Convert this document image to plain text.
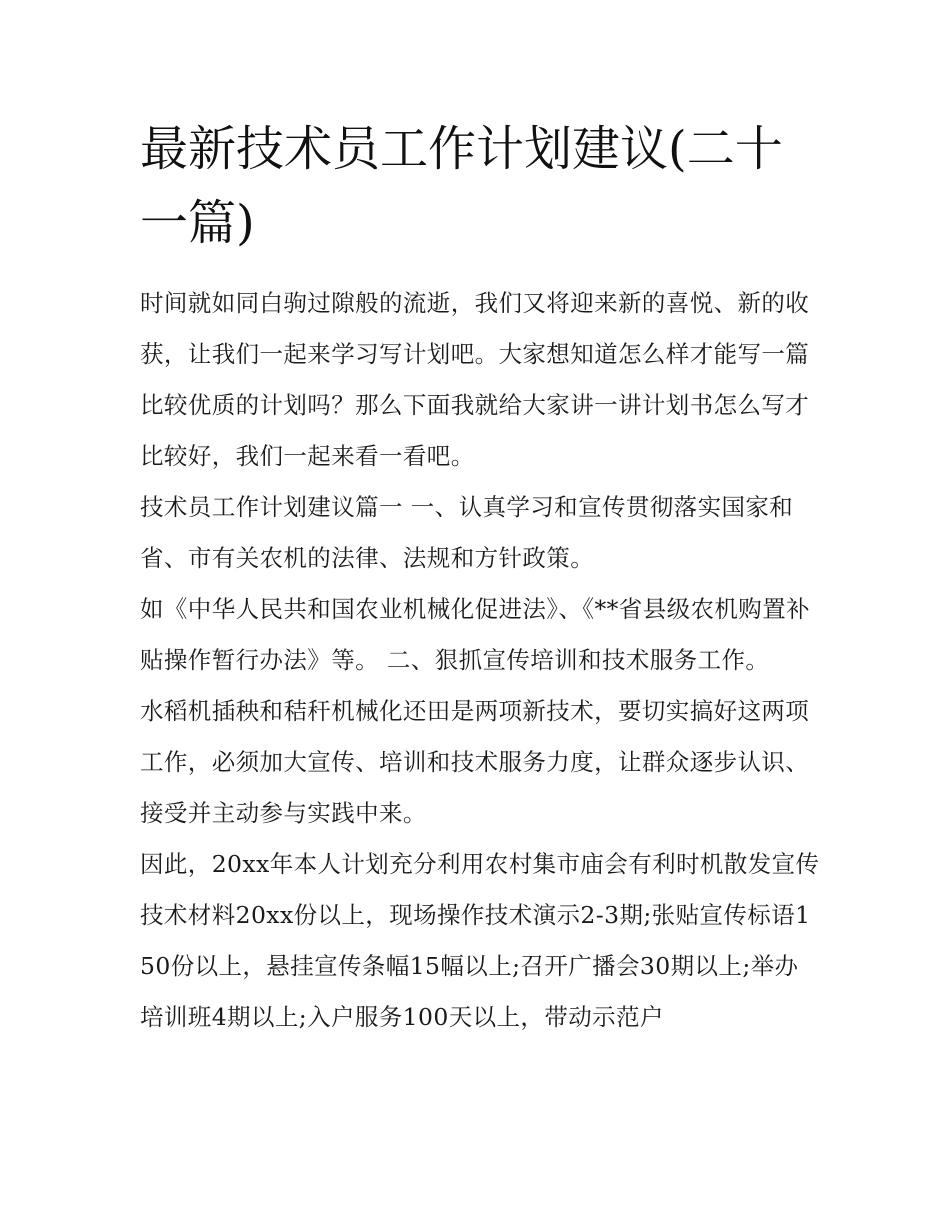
最新技术员工作计划建议(二十一篇)

时间就如同白驹过隙般的流逝，我们又将迎来新的喜悦、新的收获，让我们一起来学习写计划吧。大家想知道怎么样才能写一篇比较优质的计划吗？那么下面我就给大家讲一讲计划书怎么写才比较好，我们一起来看一看吧。

技术员工作计划建议篇一 一、认真学习和宣传贯彻落实国家和省、市有关农机的法律、法规和方针政策。

如《中华人民共和国农业机械化促进法》、《**省县级农机购置补贴操作暂行办法》等。 二、狠抓宣传培训和技术服务工作。

水稻机插秧和秸秆机械化还田是两项新技术，要切实搞好这两项工作，必须加大宣传、培训和技术服务力度，让群众逐步认识、接受并主动参与实践中来。

因此，20xx年本人计划充分利用农村集市庙会有利时机散发宣传技术材料20xx份以上，现场操作技术演示2-3期;张贴宣传标语150份以上，悬挂宣传条幅15幅以上;召开广播会30期以上;举办培训班4期以上;入户服务100天以上，带动示范户
